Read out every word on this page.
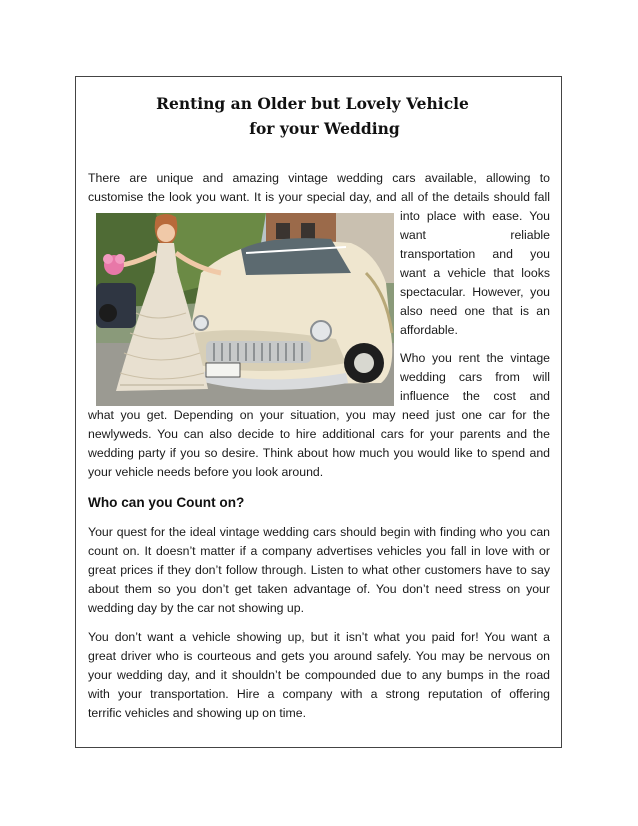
Renting an Older but Lovely Vehicle
for your Wedding
There are unique and amazing vintage wedding cars available, allowing to
customise the look you want. It is your special day, and all of the details should fall
into place with ease. You
want reliable
transportation and you
want a vehicle that looks
spectacular. However, you
also need one that is an
affordable.
Who you rent the vintage
wedding cars from will
influence the cost and
what you get. Depending on your situation, you may need just one car for the
newlyweds. You can also decide to hire additional cars for your parents and the
wedding party if you so desire. Think about how much you would like to spend and
your vehicle needs before you look around.
Who can you Count on?
Your quest for the ideal vintage wedding cars should begin with finding who you can
count on. It doesn’t matter if a company advertises vehicles you fall in love with or
great prices if they don’t follow through. Listen to what other customers have to say
about them so you don’t get taken advantage of. You don’t need stress on your
wedding day by the car not showing up.
You don’t want a vehicle showing up, but it isn’t what you paid for! You want a
great driver who is courteous and gets you around safely. You may be nervous on
your wedding day, and it shouldn’t be compounded due to any bumps in the road
with your transportation. Hire a company with a strong reputation of offering
terrific vehicles and showing up on time.
